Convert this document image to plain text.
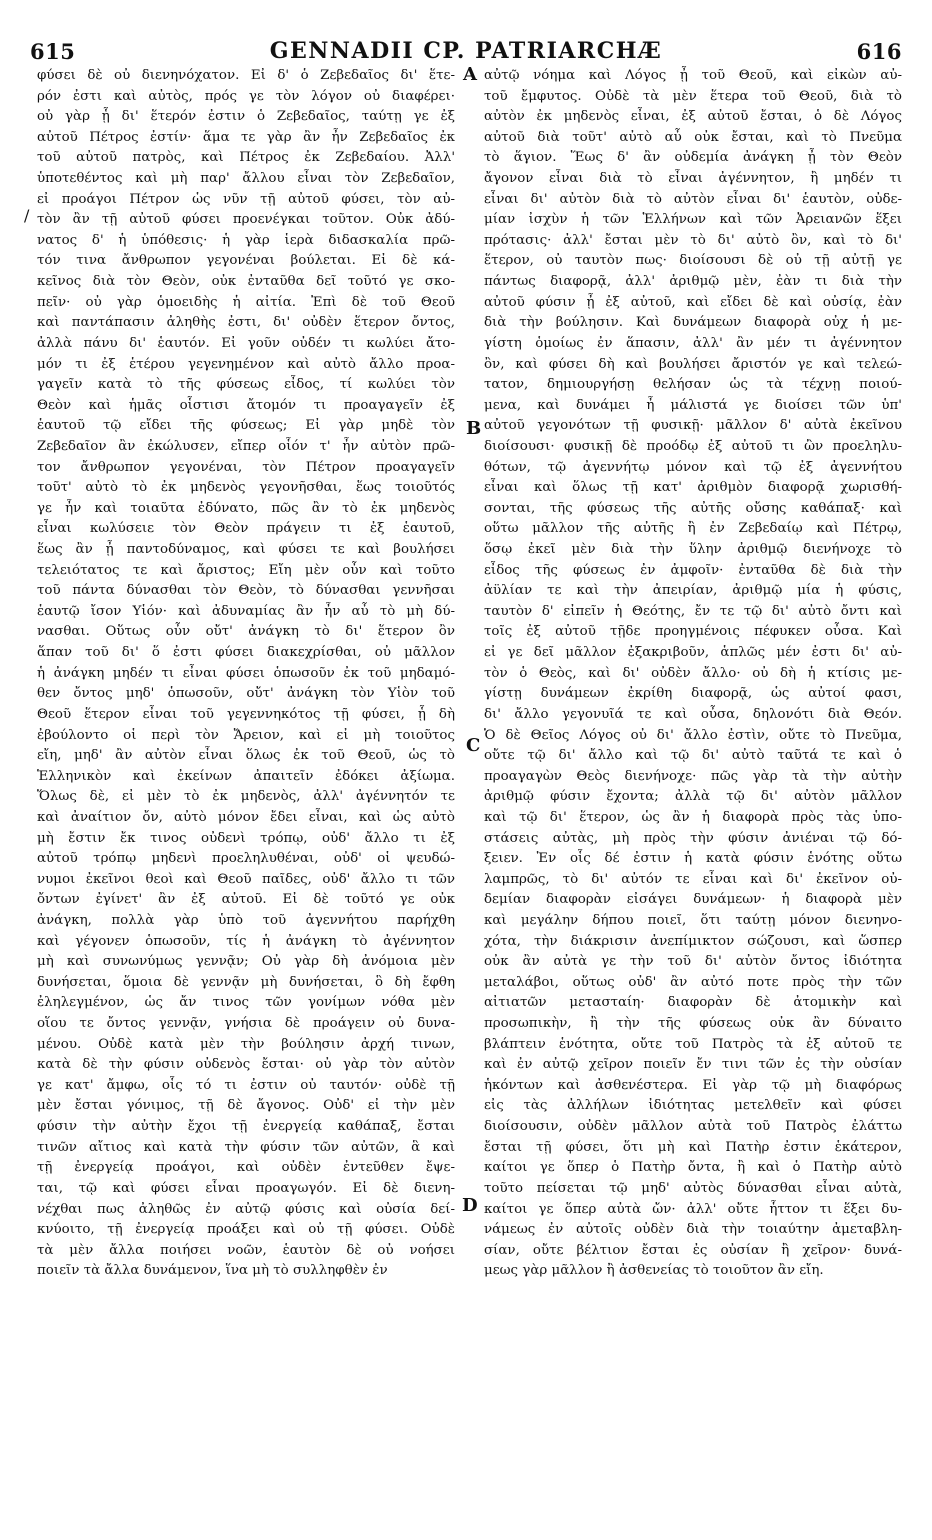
615	GENNADII CP. PATRIARCHÆ	616
φύσει δὲ οὐ διενηνόχατον. Εἰ δ' ὁ Ζεβεδαῖος δι' ἕτε-
ρόν ἐστι καὶ αὐτὸς, πρός γε τὸν λόγον οὐ διαφέρει·
οὐ γὰρ ᾗ δι' ἕτερόν ἐστιν ὁ Ζεβεδαῖος, ταύτῃ γε ἐξ
αὐτοῦ Πέτρος ἐστίν· ἅμα τε γὰρ ἂν ἦν Ζεβεδαῖος ἐκ
τοῦ αὐτοῦ πατρὸς, καὶ Πέτρος ἐκ Ζεβεδαίου. Ἀλλ'
ὑποτεθέντος καὶ μὴ παρ' ἄλλου εἶναι τὸν Ζεβεδαῖον,
εἰ προάγοι Πέτρον ὡς νῦν τῇ αὐτοῦ φύσει, τὸν αὐ-
τὸν ἂν τῇ αὐτοῦ φύσει προενέγκαι τοῦτον. Οὐκ ἀδύ-
νατος δ' ἡ ὑπόθεσις· ἡ γὰρ ἱερὰ διδασκαλία πρῶ-
τόν τινα ἄνθρωπον γεγονέναι βούλεται. Εἰ δὲ κά-
κεῖνος διὰ τὸν Θεὸν, οὐκ ἐνταῦθα δεῖ τοῦτό γε σκο-
πεῖν· οὐ γὰρ ὁμοειδὴς ἡ αἰτία. Ἐπὶ δὲ τοῦ Θεοῦ
καὶ παντάπασιν ἀληθὴς ἐστι, δι' οὐδὲν ἕτερον ὄντος,
ἀλλὰ πάνυ δι' ἑαυτόν. Εἰ γοῦν οὐδέν τι κωλύει ἄτο-
μόν τι ἐξ ἑτέρου γεγενημένον καὶ αὐτὸ ἄλλο προα-
γαγεῖν κατὰ τὸ τῆς φύσεως εἶδος, τί κωλύει τὸν
Θεὸν καὶ ἡμᾶς οἷστισι ἄτομόν τι προαγαγεῖν ἐξ
ἑαυτοῦ τῷ εἴδει τῆς φύσεως; Εἰ γὰρ μηδὲ τὸν
Ζεβεδαῖον ἂν ἐκώλυσεν, εἴπερ οἷόν τ' ἦν αὐτὸν πρῶ-
τον ἄνθρωπον γεγονέναι, τὸν Πέτρον προαγαγεῖν
τοῦτ' αὐτὸ τὸ ἐκ μηδενὸς γεγονῆσθαι, ἕως τοιοῦτός
γε ἦν καὶ τοιαῦτα ἐδύνατο, πῶς ἂν τὸ ἐκ μηδενὸς
εἶναι κωλύσειε τὸν Θεὸν πράγειν τι ἐξ ἑαυτοῦ,
ἕως ἂν ᾖ παντοδύναμος, καὶ φύσει τε καὶ βουλήσει
τελειότατος τε καὶ ἄριστος; Εἴη μὲν οὖν καὶ τοῦτο
τοῦ πάντα δύνασθαι τὸν Θεὸν, τὸ δύνασθαι γεννῆσαι
ἑαυτῷ ἴσον Υἱόν· καὶ ἀδυναμίας ἂν ἦν αὖ τὸ μὴ δύ-
νασθαι. Οὕτως οὖν οὔτ' ἀνάγκη τὸ δι' ἕτερον ὂν
ἅπαν τοῦ δι' ὅ ἐστι φύσει διακεχρίσθαι, οὐ μᾶλλον
ἡ ἀνάγκη μηδέν τι εἶναι φύσει ὁπωσοῦν ἐκ τοῦ μηδαμό-
θεν ὄντος μηδ' ὁπωσοῦν, οὔτ' ἀνάγκη τὸν Υἱὸν τοῦ
Θεοῦ ἕτερον εἶναι τοῦ γεγεννηκότος τῇ φύσει, ᾗ δὴ
ἐβούλοντο οἱ περὶ τὸν Ἄρειον, καὶ εἰ μὴ τοιοῦτος
εἴη, μηδ' ἂν αὐτὸν εἶναι ὅλως ἐκ τοῦ Θεοῦ, ὡς τὸ
Ἑλληνικὸν καὶ ἐκείνων ἀπαιτεῖν ἐδόκει ἀξίωμα.
Ὅλως δὲ, εἰ μὲν τὸ ἐκ μηδενὸς, ἀλλ' ἀγέννητόν τε
καὶ ἀναίτιον ὄν, αὐτὸ μόνον ἔδει εἶναι, καὶ ὡς αὐτὸ
μὴ ἔστιν ἔκ τινος οὐδενὶ τρόπῳ, οὐδ' ἄλλο τι ἐξ
αὐτοῦ τρόπῳ μηδενὶ προεληλυθέναι, οὐδ' οἱ ψευδώ-
νυμοι ἐκεῖνοι θεοὶ καὶ Θεοῦ παῖδες, οὐδ' ἄλλο τι τῶν
ὄντων ἐγίνετ' ἂν ἐξ αὐτοῦ. Εἰ δὲ τοῦτό γε οὐκ
ἀνάγκη, πολλὰ γὰρ ὑπὸ τοῦ ἀγεννήτου παρήχθη
καὶ γέγονεν ὁπωσοῦν, τίς ἡ ἀνάγκη τὸ ἀγέννητον
μὴ καὶ συνωνύμως γεννᾷν; Οὐ γὰρ δὴ ἀνόμοια μὲν
δυνήσεται, ὅμοια δὲ γεννᾷν μὴ δυνήσεται, ὃ δὴ ἔφθη
ἐληλεγμένον, ὡς ἄν τινος τῶν γονίμων νόθα μὲν
οἵου τε ὄντος γεννᾷν, γνήσια δὲ προάγειν οὐ δυνα-
μένου. Οὐδὲ κατὰ μὲν τὴν βούλησιν ἀρχή τινων,
κατὰ δὲ τὴν φύσιν οὐδενὸς ἔσται· οὐ γὰρ τὸν αὐτὸν
γε κατ' ἄμφω, οἷς τό τι ἐστιν οὐ ταυτόν· οὐδὲ τῇ
μὲν ἔσται γόνιμος, τῇ δὲ ἄγονος. Οὐδ' εἰ τὴν μὲν
φύσιν τὴν αὐτὴν ἔχοι τῇ ἐνεργείᾳ καθάπαξ, ἔσται
τινῶν αἴτιος καὶ κατὰ τὴν φύσιν τῶν αὐτῶν, ἃ καὶ
τῇ ἐνεργείᾳ προάγοι, καὶ οὐδὲν ἐντεῦθεν ἔψε-
ται, τῷ καὶ φύσει εἶναι προαγωγόν. Εἰ δὲ διενη-
νέχθαι πως ἀληθῶς ἐν αὐτῷ φύσις καὶ οὐσία δεί-
κνύοιτο, τῇ ἐνεργείᾳ προάξει καὶ οὐ τῇ φύσει. Οὐδὲ
τὰ μὲν ἄλλα ποιήσει νοῶν, ἑαυτὸν δὲ οὐ νοήσει
ποιεῖν τὰ ἄλλα δυνάμενον, ἵνα μὴ τὸ συλληφθὲν ἐν
αὐτῷ νόημα καὶ Λόγος ᾖ τοῦ Θεοῦ, καὶ εἰκὼν αὐ-
τοῦ ἔμφυτος. Οὐδὲ τὰ μὲν ἕτερα τοῦ Θεοῦ, διὰ τὸ
αὐτὸν ἐκ μηδενὸς εἶναι, ἐξ αὐτοῦ ἔσται, ὁ δὲ Λόγος
αὐτοῦ διὰ τοῦτ' αὐτὸ αὖ οὐκ ἔσται, καὶ τὸ Πνεῦμα
τὸ ἅγιον. Ἕως δ' ἂν οὐδεμία ἀνάγκη ᾖ τὸν Θεὸν
ἄγονον εἶναι διὰ τὸ εἶναι ἀγέννητον, ἢ μηδέν τι
εἶναι δι' αὐτὸν διὰ τὸ αὐτὸν εἶναι δι' ἑαυτὸν, οὐδε-
μίαν ἰσχὺν ἡ τῶν Ἑλλήνων καὶ τῶν Ἀρειανῶν ἕξει
πρότασις· ἀλλ' ἔσται μὲν τὸ δι' αὐτὸ ὂν, καὶ τὸ δι'
ἕτερον, οὐ ταυτὸν πως· διοίσουσι δὲ οὐ τῇ αὐτῇ γε
πάντως διαφορᾷ, ἀλλ' ἀριθμῷ μὲν, ἐὰν τι διὰ τὴν
αὐτοῦ φύσιν ᾖ ἐξ αὐτοῦ, καὶ εἴδει δὲ καὶ οὐσίᾳ, ἐὰν
διὰ τὴν βούλησιν. Καὶ δυνάμεων διαφορὰ οὐχ ἡ με-
γίστη ὁμοίως ἐν ἅπασιν, ἀλλ' ἂν μέν τι ἀγέννητον
ὂν, καὶ φύσει δὴ καὶ βουλήσει ἄριστόν γε καὶ τελεώ-
τατον, δημιουργήσῃ θελήσαν ὡς τὰ τέχνῃ ποιού-
μενα, καὶ δυνάμει ἦ μάλιστά γε διοίσει τῶν ὑπ'
αὐτοῦ γεγονότων τῇ φυσικῇ· μᾶλλον δ' αὐτὰ ἐκεῖνου
διοίσουσι· φυσικῇ δὲ προόδῳ ἐξ αὐτοῦ τι ὢν προεληλυ-
θότων, τῷ ἀγεννήτῳ μόνον καὶ τῷ ἐξ ἀγεννήτου
εἶναι καὶ ὅλως τῇ κατ' ἀριθμὸν διαφορᾷ χωρισθή-
σονται, τῆς φύσεως τῆς αὐτῆς οὔσης καθάπαξ· καὶ
οὕτω μᾶλλον τῆς αὐτῆς ἢ ἐν Ζεβεδαίῳ καὶ Πέτρῳ,
ὅσῳ ἐκεῖ μὲν διὰ τὴν ὕλην ἀριθμῷ διενήνοχε τὸ
εἶδος τῆς φύσεως ἐν ἀμφοῖν· ἐνταῦθα δὲ διὰ τὴν
ἀϋλίαν τε καὶ τὴν ἀπειρίαν, ἀριθμῷ μία ἡ φύσις,
ταυτὸν δ' εἰπεῖν ἡ Θεότης, ἔν τε τῷ δι' αὐτὸ ὄντι καὶ
τοῖς ἐξ αὐτοῦ τῇδε προηγμένοις πέφυκεν οὖσα. Καὶ
εἰ γε δεῖ μᾶλλον ἐξακριβοῦν, ἁπλῶς μέν ἐστι δι' αὐ-
τὸν ὁ Θεὸς, καὶ δι' οὐδὲν ἄλλο· οὐ δὴ ἡ κτίσις με-
γίστῃ δυνάμεων ἐκρίθη διαφορᾷ, ὡς αὐτοί φασι,
δι' ἄλλο γεγονυῖά τε καὶ οὖσα, δηλονότι διὰ Θεόν.
Ὁ δὲ Θεῖος Λόγος οὐ δι' ἄλλο ἐστὶν, οὔτε τὸ Πνεῦμα,
οὔτε τῷ δι' ἄλλο καὶ τῷ δι' αὐτὸ ταῦτά τε καὶ ὁ
προαγαγὼν Θεὸς διενήνοχε· πῶς γὰρ τὰ τὴν αὐτὴν
ἀριθμῷ φύσιν ἔχοντα; ἀλλὰ τῷ δι' αὐτὸν μᾶλλον
καὶ τῷ δι' ἕτερον, ὡς ἂν ἡ διαφορὰ πρὸς τὰς ὑπο-
στάσεις αὐτὰς, μὴ πρὸς τὴν φύσιν ἀνιέναι τῷ δό-
ξειεν. Ἐν οἷς δέ ἐστιν ἡ κατὰ φύσιν ἑνότης οὕτω
λαμπρῶς, τὸ δι' αὐτόν τε εἶναι καὶ δι' ἐκεῖνον οὐ-
δεμίαν διαφορὰν εἰσάγει δυνάμεων· ἡ διαφορὰ μὲν
καὶ μεγάλην δήπου ποιεῖ, ὅτι ταύτῃ μόνον διενηνο-
χότα, τὴν διάκρισιν ἀνεπίμικτον σώζουσι, καὶ ὥσπερ
οὐκ ἂν αὐτὰ γε τὴν τοῦ δι' αὐτὸν ὄντος ἰδιότητα
μεταλάβοι, οὕτως οὐδ' ἂν αὐτό ποτε πρὸς τὴν τῶν
αἰτιατῶν μετασταίη· διαφορὰν δὲ ἀτομικὴν καὶ
προσωπικὴν, ἢ τὴν τῆς φύσεως οὐκ ἂν δύναιτο
βλάπτειν ἑνότητα, οὔτε τοῦ Πατρὸς τὰ ἐξ αὐτοῦ τε
καὶ ἐν αὐτῷ χεῖρον ποιεῖν ἔν τινι τῶν ἐς τὴν οὐσίαν
ἡκόντων καὶ ἀσθενέστερα. Εἰ γὰρ τῷ μὴ διαφόρως
εἰς τὰς ἀλλήλων ἰδιότητας μετελθεῖν καὶ φύσει
διοίσουσιν, οὐδὲν μᾶλλον αὐτὰ τοῦ Πατρὸς ἐλάττω
ἔσται τῇ φύσει, ὅτι μὴ καὶ Πατὴρ ἐστιν ἑκάτερον,
καίτοι γε ὅπερ ὁ Πατὴρ ὄντα, ἢ καὶ ὁ Πατὴρ αὐτὸ
τοῦτο πείσεται τῷ μηδ' αὐτὸς δύνασθαι εἶναι αὐτὰ,
καίτοι γε ὅπερ αὐτὰ ὤν· ἀλλ' οὔτε ἧττον τι ἕξει δυ-
νάμεως ἐν αὐτοῖς οὐδὲν διὰ τὴν τοιαύτην ἀμεταβλη-
σίαν, οὔτε βέλτιον ἔσται ἐς οὐσίαν ἢ χεῖρον· δυνά-
μεως γὰρ μᾶλλον ἢ ἀσθενείας τὸ τοιοῦτον ἂν εἴη.
A
B
C
D
/
